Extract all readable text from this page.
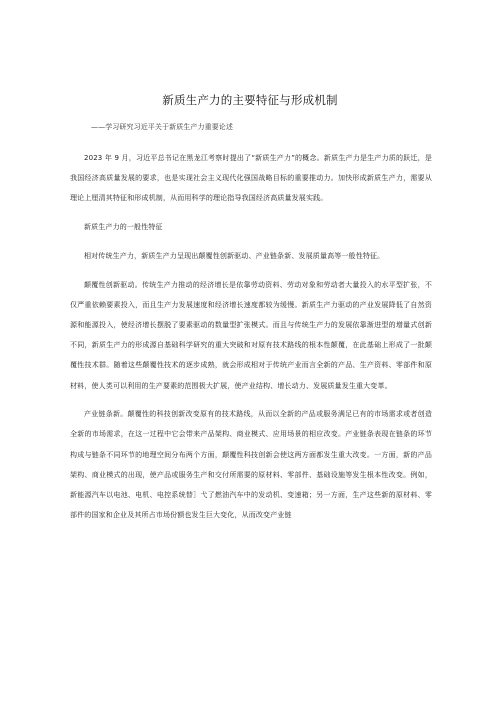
新质生产力的主要特征与形成机制

——学习研究习近平关于新质生产力重要论述

2023 年 9 月，习近平总书记在黑龙江考察时提出了“新质生产力”的概念。新质生产力是生产力质的跃迁，是我国经济高质量发展的要求，也是实现社会主义现代化强国战略目标的重要推动力。加快形成新质生产力，需要从理论上厘清其特征和形成机制，从而用科学的理论指导我国经济高质量发展实践。

新质生产力的一般性特征

相对传统生产力，新质生产力呈现出颠覆性创新驱动、产业链条新、发展质量高等一般性特征。

颠覆性创新驱动。传统生产力推动的经济增长是依靠劳动资料、劳动对象和劳动者大量投入的水平型扩张，不仅严重依赖要素投入，而且生产力发展速度和经济增长速度都较为缓慢。新质生产力驱动的产业发展降低了自然资源和能源投入，使经济增长摆脱了要素驱动的数量型扩张模式。而且与传统生产力的发展依靠渐进型的增量式创新不同，新质生产力的形成源自基础科学研究的重大突破和对原有技术路线的根本性颠覆，在此基础上形成了一批颠覆性技术群。随着这些颠覆性技术的逐步成熟，就会形成相对于传统产业而言全新的产品、生产资料、零部件和原材料，使人类可以利用的生产要素的范围极大扩展，使产业结构、增长动力、发展质量发生重大变革。

产业链条新。颠覆性的科技创新改变原有的技术路线，从而以全新的产品或服务满足已有的市场需求或者创造全新的市场需求，在这一过程中它会带来产品架构、商业模式、应用场景的相应改变。产业链条表现在链条的环节构成与链条不同环节的地理空间分布两个方面，颠覆性科技创新会使这两方面都发生重大改变。一方面，新的产品架构、商业模式的出现，使产品或服务生产和交付所需要的原材料、零部件、基础设施等发生根本性改变。例如，新能源汽车以电池、电机、电控系统替］弋了燃油汽车中的发动机、变速箱；另一方面，生产这些新的原材料、零部件的国家和企业及其所占市场份额也发生巨大变化，从而改变产业链
